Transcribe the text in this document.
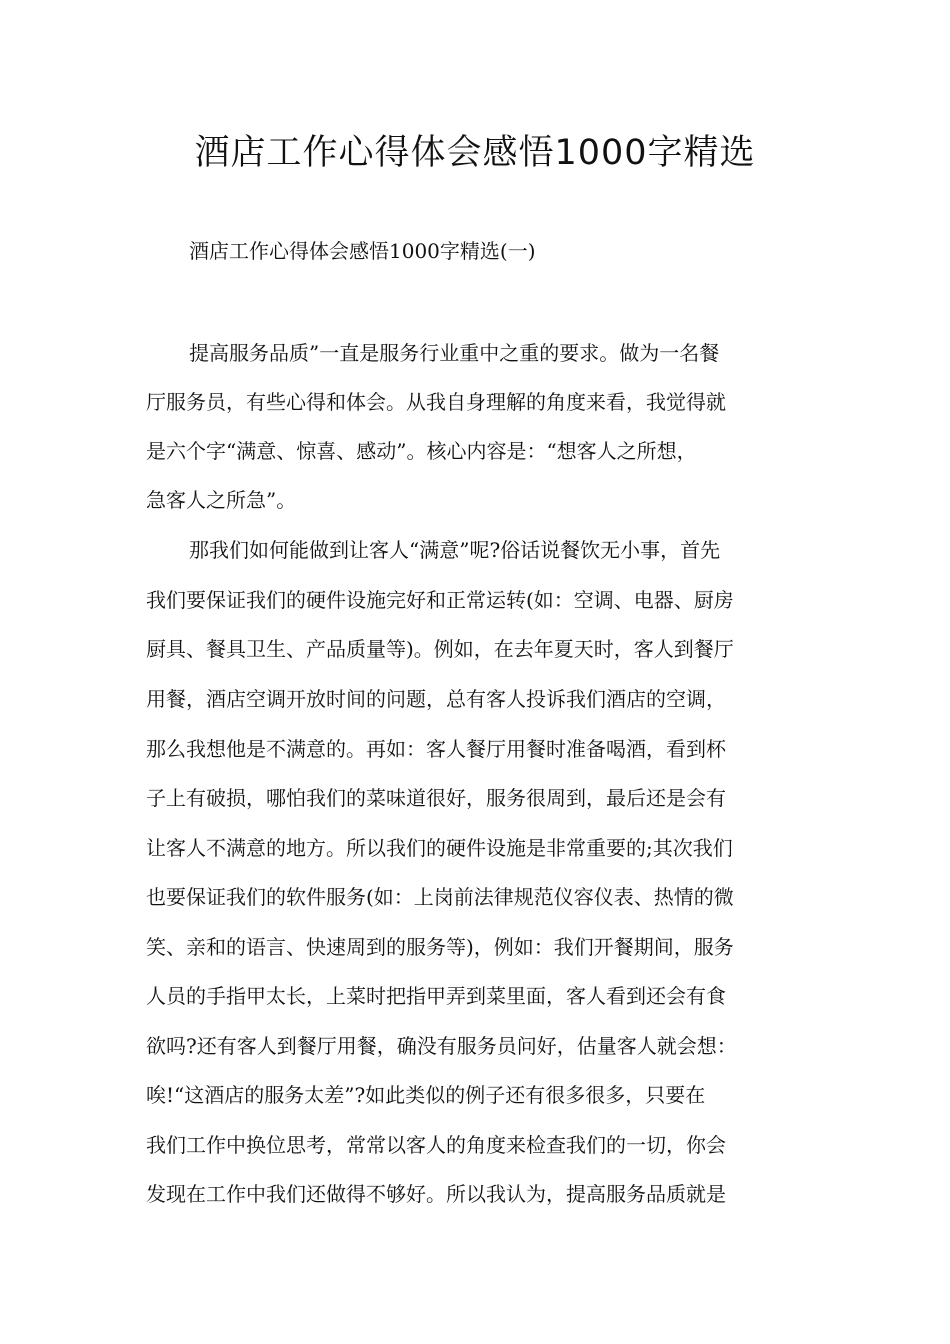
酒店工作心得体会感悟1000字精选

酒店工作心得体会感悟1000字精选(一)

提高服务品质”一直是服务行业重中之重的要求。做为一名餐

厅服务员，有些心得和体会。从我自身理解的角度来看，我觉得就

是六个字“满意、惊喜、感动”。核心内容是：“想客人之所想，

急客人之所急”。

那我们如何能做到让客人“满意”呢?俗话说餐饮无小事，首先

我们要保证我们的硬件设施完好和正常运转(如：空调、电器、厨房

厨具、餐具卫生、产品质量等)。例如，在去年夏天时，客人到餐厅

用餐，酒店空调开放时间的问题，总有客人投诉我们酒店的空调，

那么我想他是不满意的。再如：客人餐厅用餐时准备喝酒，看到杯

子上有破损，哪怕我们的菜味道很好，服务很周到，最后还是会有

让客人不满意的地方。所以我们的硬件设施是非常重要的;其次我们

也要保证我们的软件服务(如：上岗前法律规范仪容仪表、热情的微

笑、亲和的语言、快速周到的服务等)，例如：我们开餐期间，服务

人员的手指甲太长，上菜时把指甲弄到菜里面，客人看到还会有食

欲吗?还有客人到餐厅用餐，确没有服务员问好，估量客人就会想：

唉!“这酒店的服务太差”?如此类似的例子还有很多很多，只要在

我们工作中换位思考，常常以客人的角度来检查我们的一切，你会

发现在工作中我们还做得不够好。所以我认为，提高服务品质就是
